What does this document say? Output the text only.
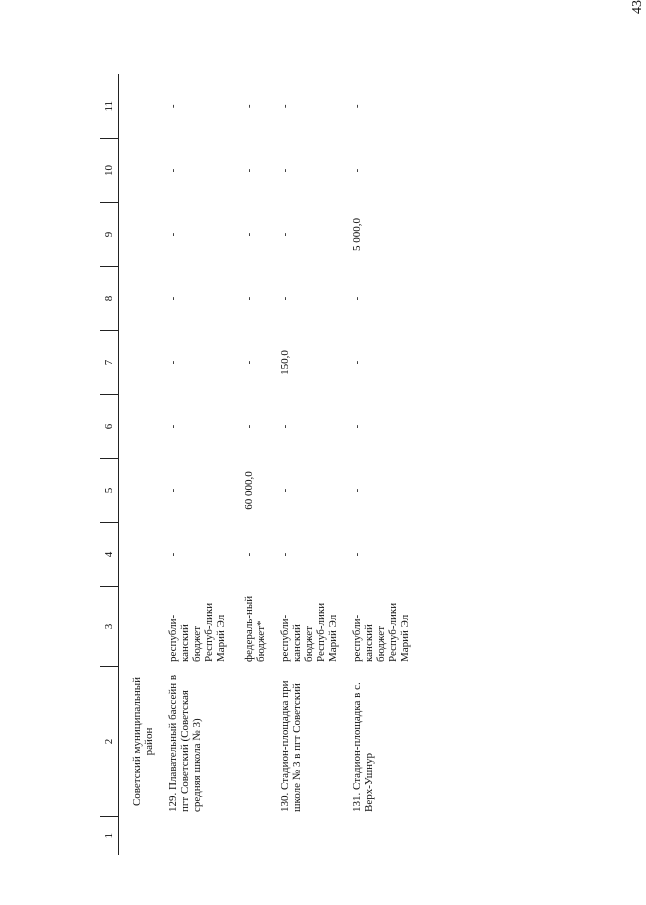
43
1	2	3	4	5	6	7	8	9	10	11
	Советский муниципальный район									
	129. Плавательный бассейн в пгт Советский (Советская средняя школа № 3)	республи-канский бюджет Респуб-лики Марий Эл	-	-	-	-	-	-	-	-
		федераль-ный бюджет*	-	60 000,0	-	-	-	-	-	-
	130. Стадион-площадка при школе № 3 в пгт Советский	республи-канский бюджет Респуб-лики Марий Эл	-	-	-	150,0	-	-	-	-
	131. Стадион-площадка в с. Верх-Ушнур	республи-канский бюджет Респуб-лики Марий Эл	-	-	-	-	-	5 000,0	-	-
